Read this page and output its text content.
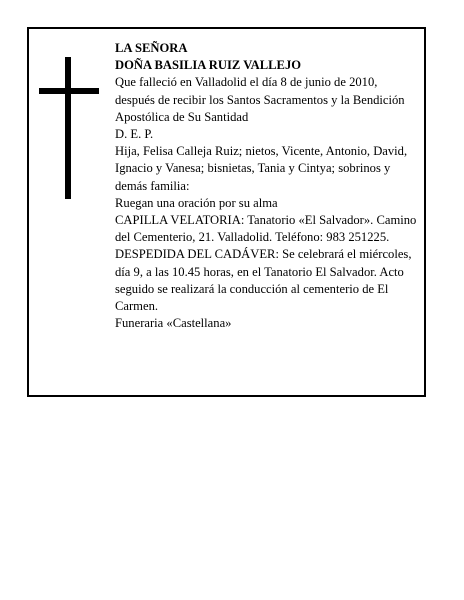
LA SEÑORA
DOÑA BASILIA RUIZ VALLEJO
Que falleció en Valladolid el día 8 de junio de 2010, después de recibir los Santos Sacramentos y la Bendición Apostólica de Su Santidad
D. E. P.
Hija, Felisa Calleja Ruiz; nietos, Vicente, Antonio, David, Ignacio y Vanesa; bisnietas, Tania y Cintya; sobrinos y demás familia:
Ruegan una oración por su alma
CAPILLA VELATORIA: Tanatorio «El Salvador». Camino del Cementerio, 21. Valladolid. Teléfono: 983 251225.
DESPEDIDA DEL CADÁVER: Se celebrará el miércoles, día 9, a las 10.45 horas, en el Tanatorio El Salvador. Acto seguido se realizará la conducción al cementerio de El Carmen.
Funeraria «Castellana»
